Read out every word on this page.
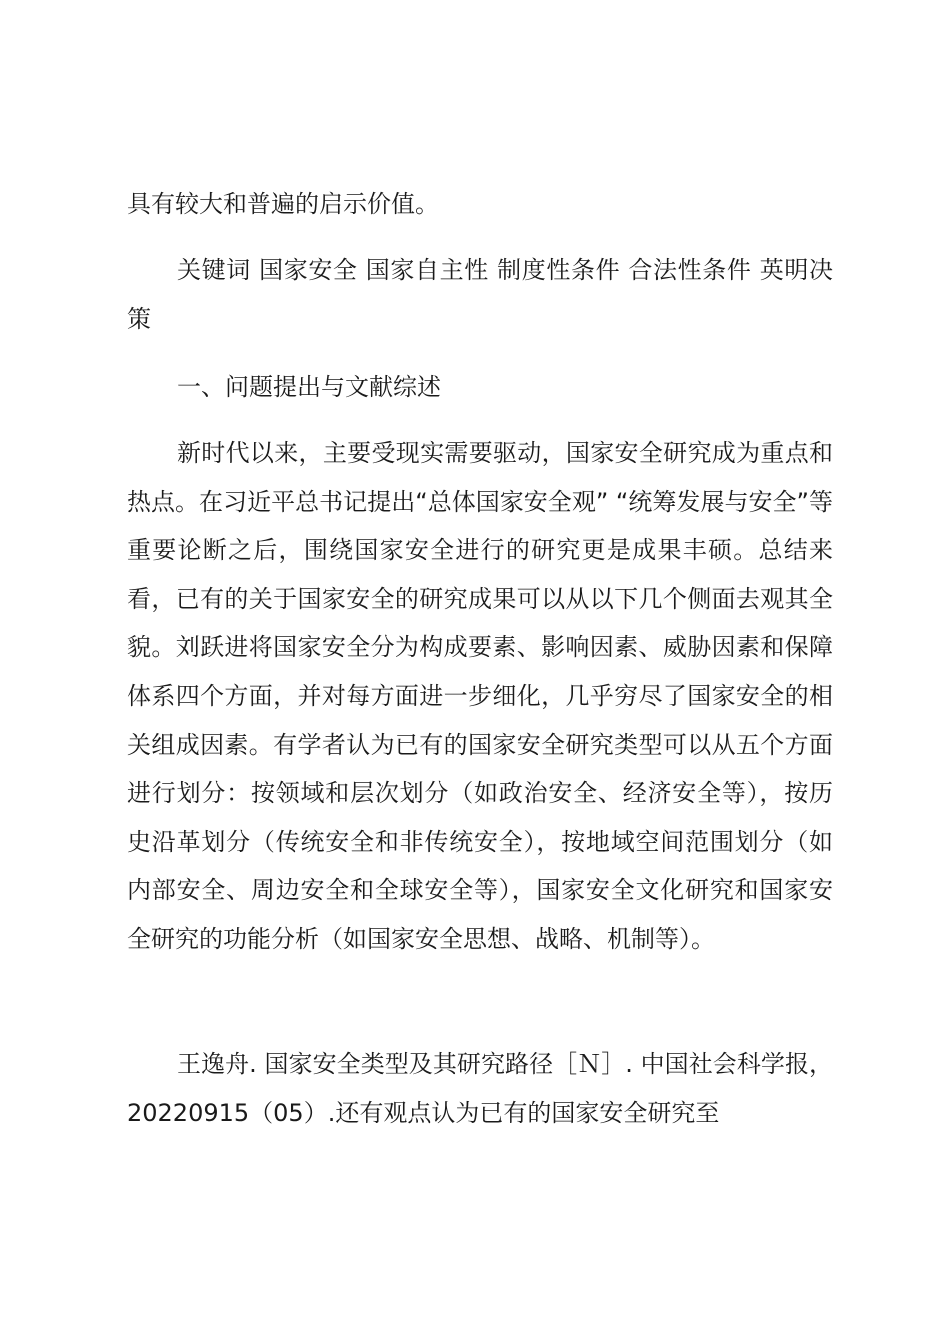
具有较大和普遍的启示价值。

关键词 国家安全 国家自主性 制度性条件 合法性条件 英明决策

一、问题提出与文献综述

新时代以来，主要受现实需要驱动，国家安全研究成为重点和热点。在习近平总书记提出“总体国家安全观” “统筹发展与安全”等重要论断之后，围绕国家安全进行的研究更是成果丰硕。总结来看，已有的关于国家安全的研究成果可以从以下几个侧面去观其全貌。刘跃进将国家安全分为构成要素、影响因素、威胁因素和保障体系四个方面，并对每方面进一步细化，几乎穷尽了国家安全的相关组成因素。有学者认为已有的国家安全研究类型可以从五个方面进行划分：按领域和层次划分（如政治安全、经济安全等），按历史沿革划分（传统安全和非传统安全），按地域空间范围划分（如内部安全、周边安全和全球安全等），国家安全文化研究和国家安全研究的功能分析（如国家安全思想、战略、机制等）。

王逸舟. 国家安全类型及其研究路径［Ｎ］. 中国社会科学报， 20220915（05）.还有观点认为已有的国家安全研究至
